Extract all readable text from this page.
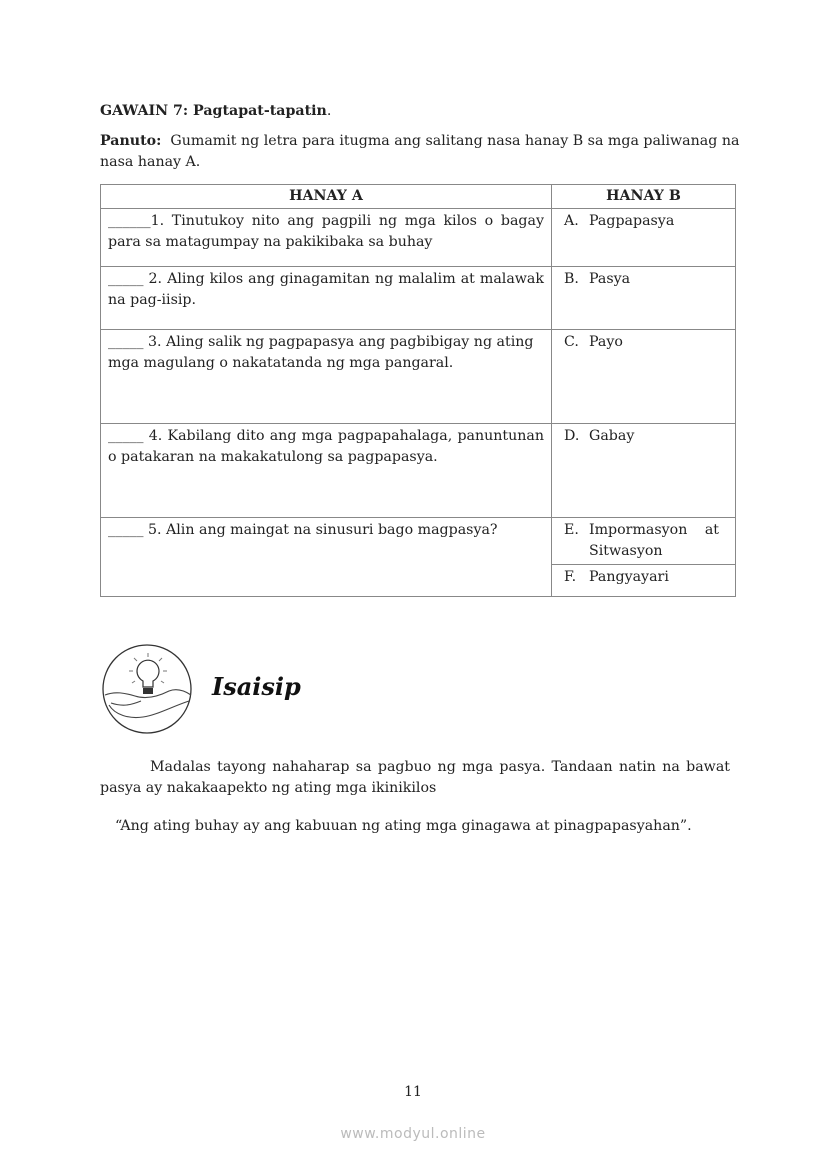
GAWAIN 7: Pagtapat-tapatin.
Panuto: Gumamit ng letra para itugma ang salitang nasa hanay B sa mga paliwanag na nasa hanay A.
HANAY A	HANAY B
______1. Tinutukoy nito ang pagpili ng mga kilos o bagay para sa matagumpay na pakikibaka sa buhay	A. Pagpapasya

_____ 2. Aling kilos ang ginagamitan ng malalim at malawak na pag-iisip.	B. Pasya

_____ 3. Aling salik ng pagpapasya ang pagbibigay ng ating mga magulang o nakatatanda ng mga pangaral.	C. Payo

_____ 4. Kabilang dito ang mga pagpapahalaga, panuntunan o patakaran na makakatulong sa pagpapasya.	D. Gabay

_____ 5. Alin ang maingat na sinusuri bago magpasya?	E. Impormasyon at Sitwasyon

	F. Pangyayari
Isaisip
Madalas tayong nahaharap sa pagbuo ng mga pasya. Tandaan natin na bawat pasya ay nakakaapekto ng ating mga ikinikilos
“Ang ating buhay ay ang kabuuan ng ating mga ginagawa at pinagpapasyahan”.
11
www.modyul.online
